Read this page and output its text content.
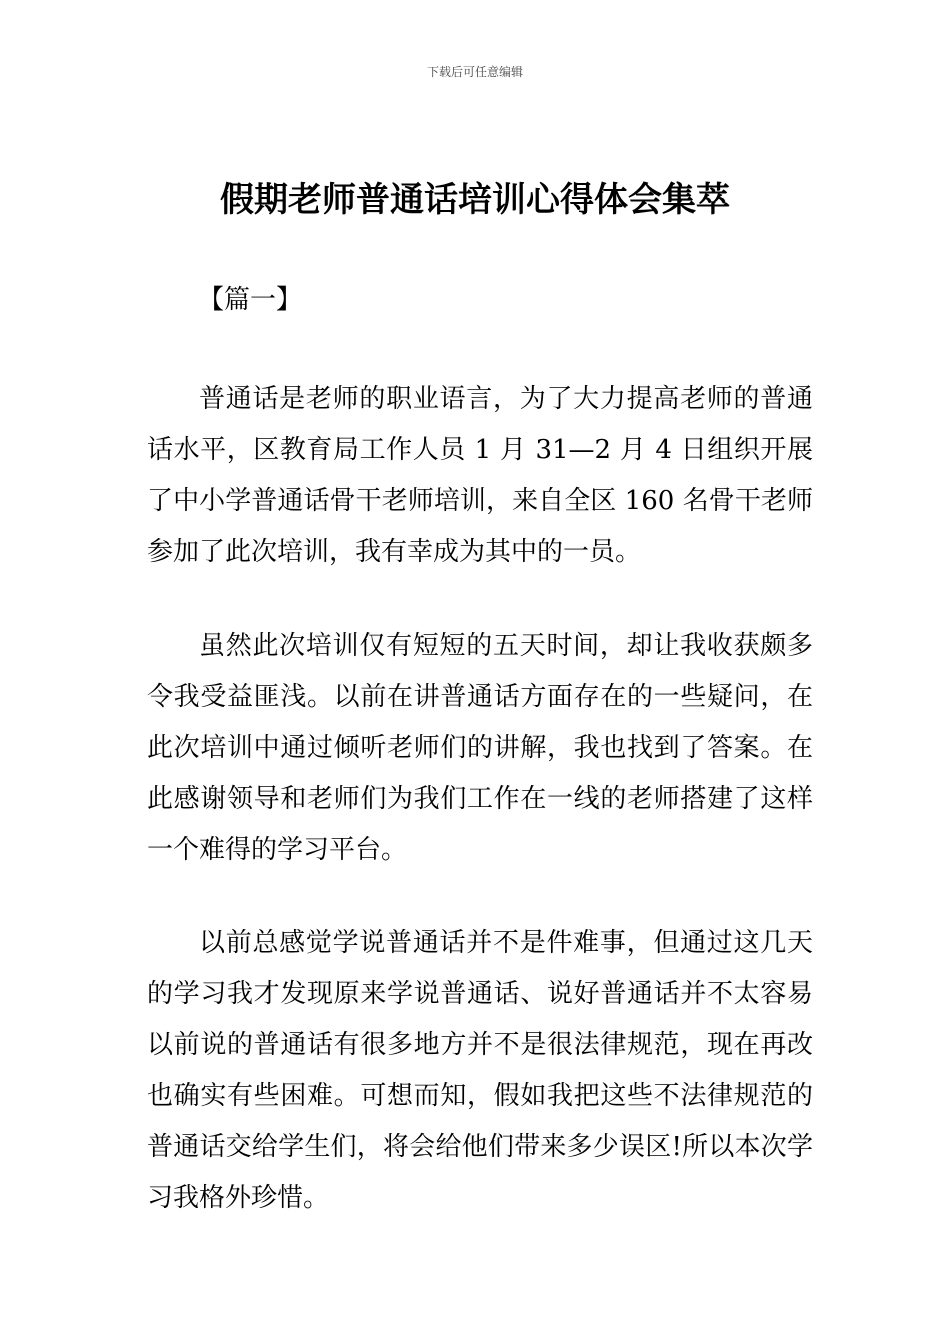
下载后可任意编辑
假期老师普通话培训心得体会集萃
【篇一】

普通话是老师的职业语言，为了大力提高老师的普通话水平，区教育局工作人员 1 月 31—2 月 4 日组织开展了中小学普通话骨干老师培训，来自全区 160 名骨干老师参加了此次培训，我有幸成为其中的一员。

虽然此次培训仅有短短的五天时间，却让我收获颇多令我受益匪浅。以前在讲普通话方面存在的一些疑问，在此次培训中通过倾听老师们的讲解，我也找到了答案。在此感谢领导和老师们为我们工作在一线的老师搭建了这样一个难得的学习平台。

以前总感觉学说普通话并不是件难事，但通过这几天的学习我才发现原来学说普通话、说好普通话并不太容易以前说的普通话有很多地方并不是很法律规范，现在再改也确实有些困难。可想而知，假如我把这些不法律规范的普通话交给学生们，将会给他们带来多少误区!所以本次学习我格外珍惜。
